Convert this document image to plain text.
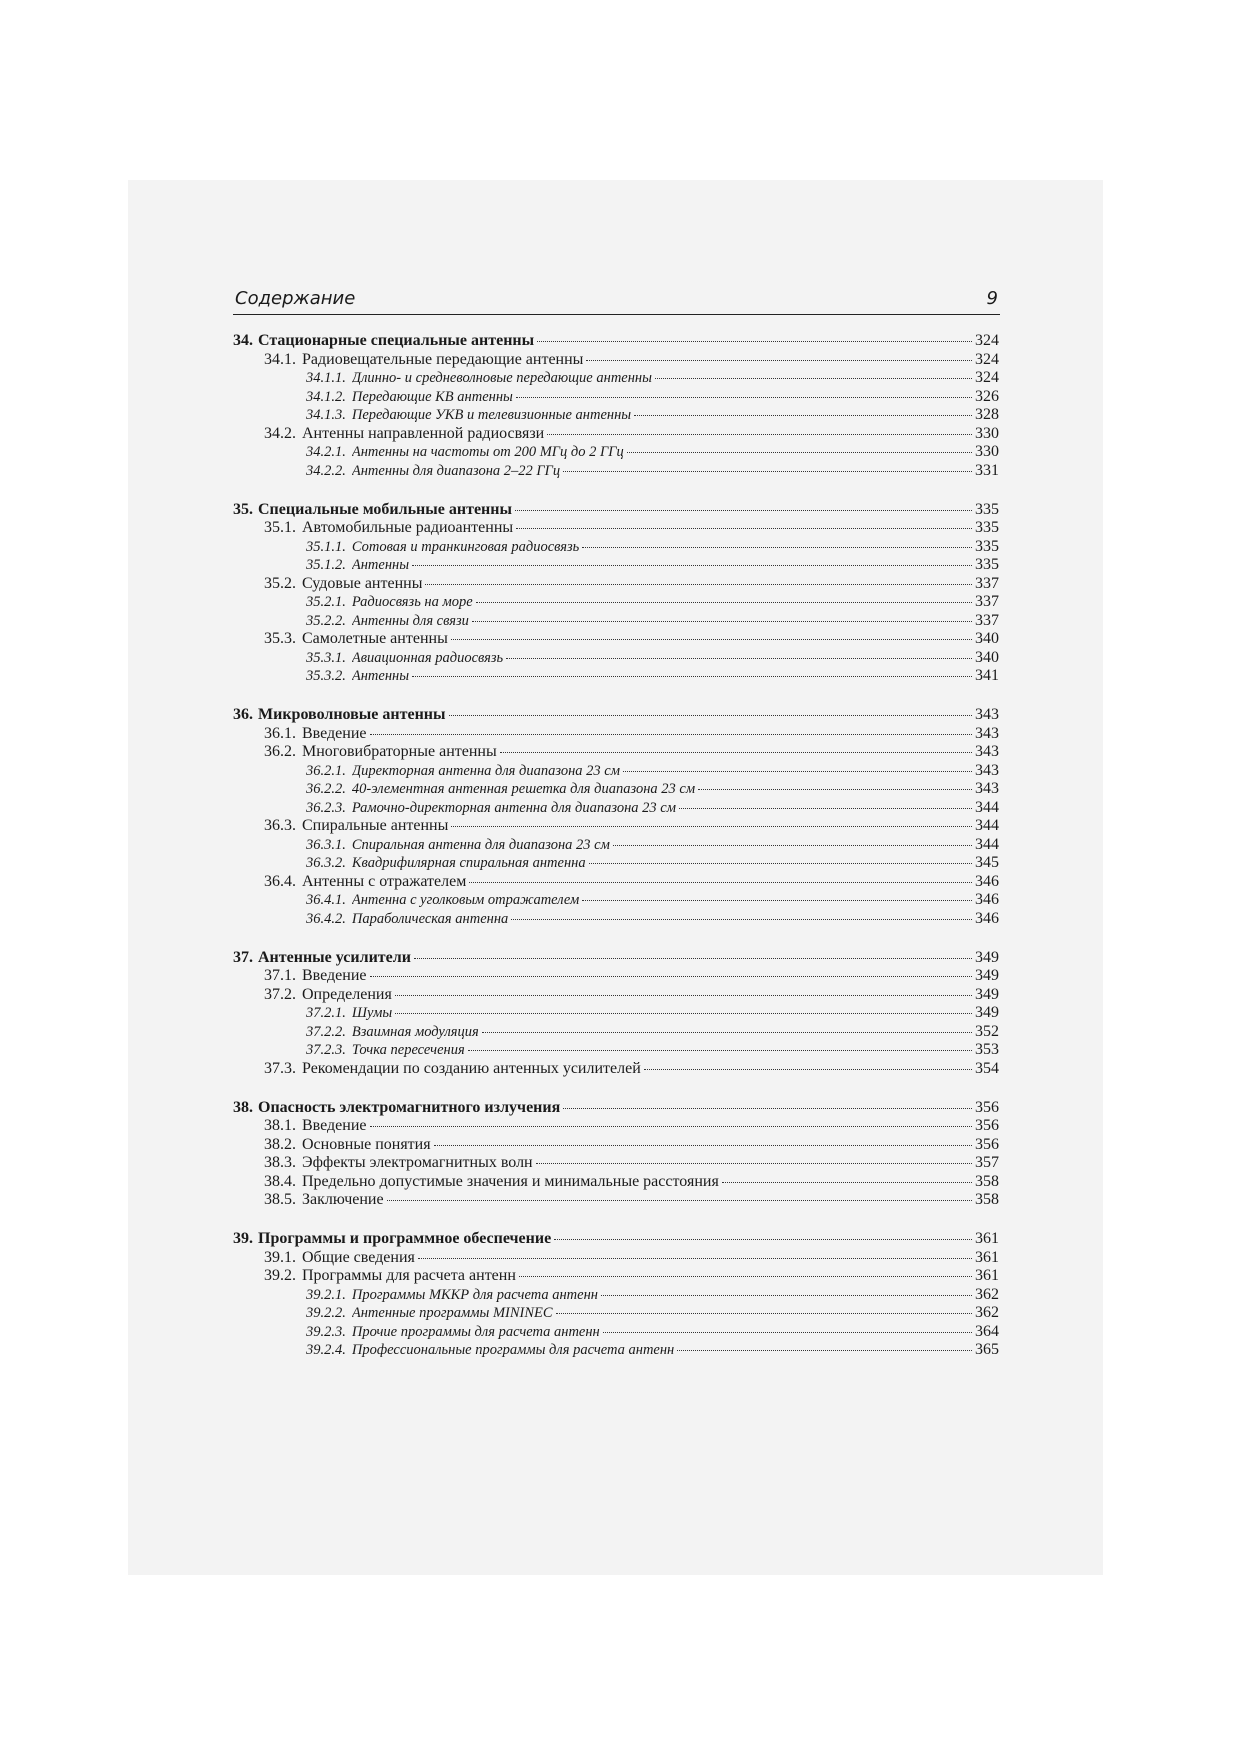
Содержание	9
34. Стационарные специальные антенны	324
34.1. Радиовещательные передающие антенны	324
34.1.1. Длинно- и средневолновые передающие антенны	324
34.1.2. Передающие КВ антенны	326
34.1.3. Передающие УКВ и телевизионные антенны	328
34.2. Антенны направленной радиосвязи	330
34.2.1. Антенны на частоты от 200 МГц до 2 ГГц	330
34.2.2. Антенны для диапазона 2–22 ГГц	331
35. Специальные мобильные антенны	335
35.1. Автомобильные радиоантенны	335
35.1.1. Сотовая и транкинговая радиосвязь	335
35.1.2. Антенны	335
35.2. Судовые антенны	337
35.2.1. Радиосвязь на море	337
35.2.2. Антенны для связи	337
35.3. Самолетные антенны	340
35.3.1. Авиационная радиосвязь	340
35.3.2. Антенны	341
36. Микроволновые антенны	343
36.1. Введение	343
36.2. Многовибраторные антенны	343
36.2.1. Директорная антенна для диапазона 23 см	343
36.2.2. 40-элементная антенная решетка для диапазона 23 см	343
36.2.3. Рамочно-директорная антенна для диапазона 23 см	344
36.3. Спиральные антенны	344
36.3.1. Спиральная антенна для диапазона 23 см	344
36.3.2. Квадрифилярная спиральная антенна	345
36.4. Антенны с отражателем	346
36.4.1. Антенна с уголковым отражателем	346
36.4.2. Параболическая антенна	346
37. Антенные усилители	349
37.1. Введение	349
37.2. Определения	349
37.2.1. Шумы	349
37.2.2. Взаимная модуляция	352
37.2.3. Точка пересечения	353
37.3. Рекомендации по созданию антенных усилителей	354
38. Опасность электромагнитного излучения	356
38.1. Введение	356
38.2. Основные понятия	356
38.3. Эффекты электромагнитных волн	357
38.4. Предельно допустимые значения и минимальные расстояния	358
38.5. Заключение	358
39. Программы и программное обеспечение	361
39.1. Общие сведения	361
39.2. Программы для расчета антенн	361
39.2.1. Программы МККР для расчета антенн	362
39.2.2. Антенные программы MININEC	362
39.2.3. Прочие программы для расчета антенн	364
39.2.4. Профессиональные программы для расчета антенн	365
